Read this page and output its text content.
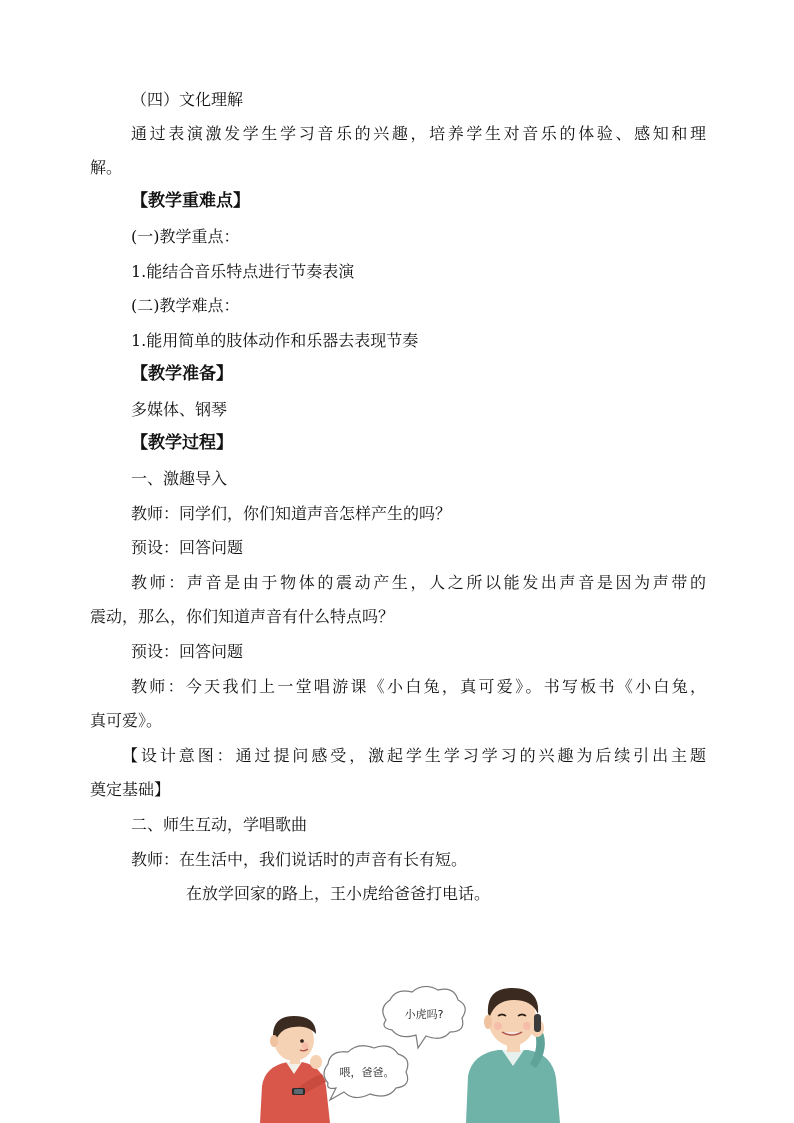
（四）文化理解
通过表演激发学生学习音乐的兴趣，培养学生对音乐的体验、感知和理
解。
【教学重难点】
(一)教学重点：
1.能结合音乐特点进行节奏表演
(二)教学难点：
1.能用简单的肢体动作和乐器去表现节奏
【教学准备】
多媒体、钢琴
【教学过程】
一、激趣导入
教师：同学们，你们知道声音怎样产生的吗？
预设：回答问题
教师：声音是由于物体的震动产生，人之所以能发出声音是因为声带的
震动，那么，你们知道声音有什么特点吗？
预设：回答问题
教师：今天我们上一堂唱游课《小白兔，真可爱》。书写板书《小白兔，
真可爱》。
【设计意图：通过提问感受，激起学生学习学习的兴趣为后续引出主题
奠定基础】
二、师生互动，学唱歌曲
教师：在生活中，我们说话时的声音有长有短。
在放学回家的路上，王小虎给爸爸打电话。
喂，爸爸。
小虎吗?
